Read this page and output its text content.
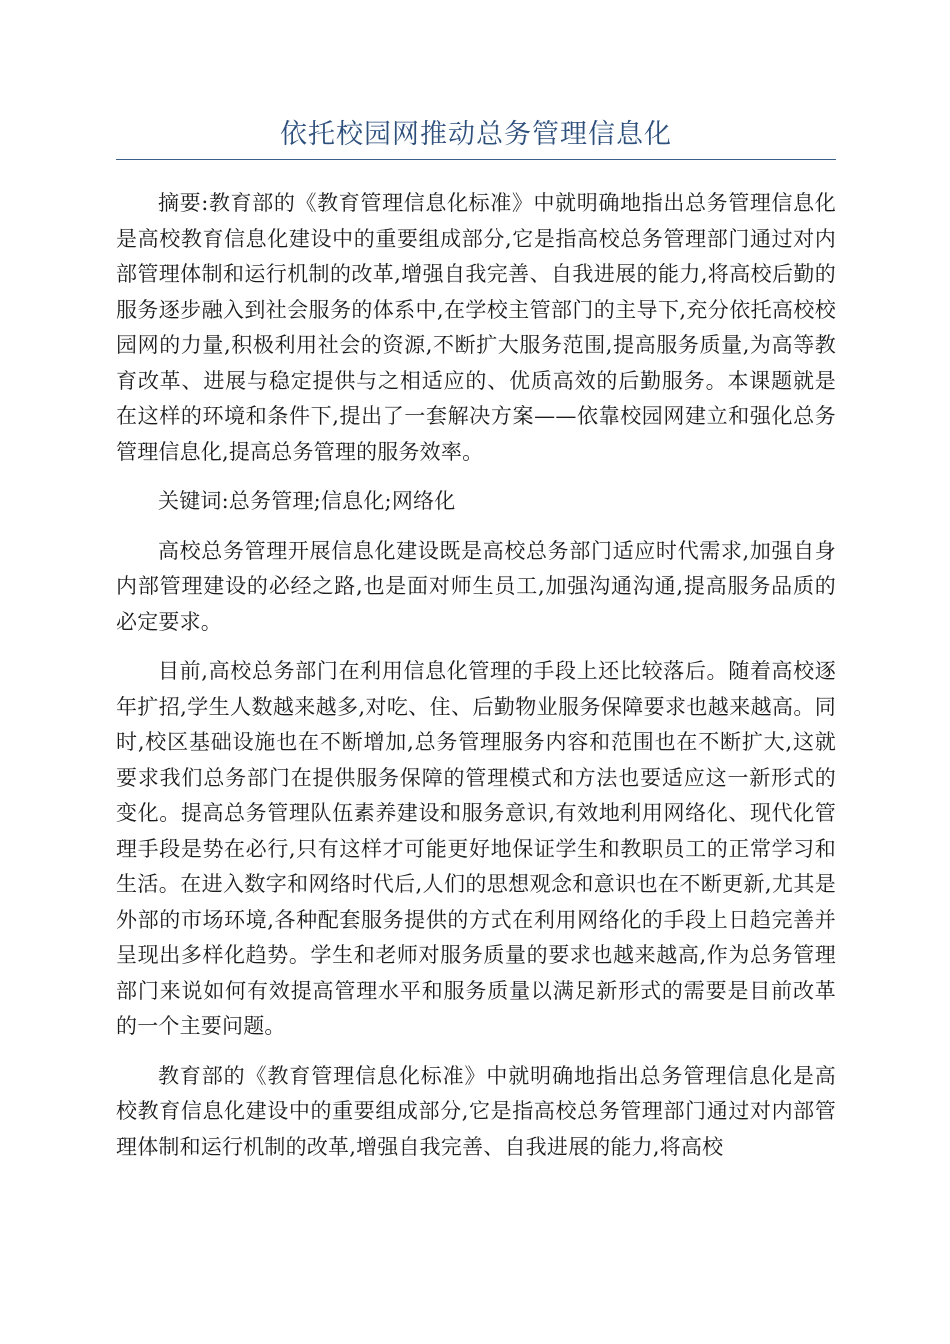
依托校园网推动总务管理信息化

摘要:教育部的《教育管理信息化标准》中就明确地指出总务管理信息化是高校教育信息化建设中的重要组成部分,它是指高校总务管理部门通过对内部管理体制和运行机制的改革,增强自我完善、自我进展的能力,将高校后勤的服务逐步融入到社会服务的体系中,在学校主管部门的主导下,充分依托高校校园网的力量,积极利用社会的资源,不断扩大服务范围,提高服务质量,为高等教育改革、进展与稳定提供与之相适应的、优质高效的后勤服务。本课题就是在这样的环境和条件下,提出了一套解决方案——依靠校园网建立和强化总务管理信息化,提高总务管理的服务效率。

关键词:总务管理;信息化;网络化

高校总务管理开展信息化建设既是高校总务部门适应时代需求,加强自身内部管理建设的必经之路,也是面对师生员工,加强沟通沟通,提高服务品质的必定要求。

目前,高校总务部门在利用信息化管理的手段上还比较落后。随着高校逐年扩招,学生人数越来越多,对吃、住、后勤物业服务保障要求也越来越高。同时,校区基础设施也在不断增加,总务管理服务内容和范围也在不断扩大,这就要求我们总务部门在提供服务保障的管理模式和方法也要适应这一新形式的变化。提高总务管理队伍素养建设和服务意识,有效地利用网络化、现代化管理手段是势在必行,只有这样才可能更好地保证学生和教职员工的正常学习和生活。在进入数字和网络时代后,人们的思想观念和意识也在不断更新,尤其是外部的市场环境,各种配套服务提供的方式在利用网络化的手段上日趋完善并呈现出多样化趋势。学生和老师对服务质量的要求也越来越高,作为总务管理部门来说如何有效提高管理水平和服务质量以满足新形式的需要是目前改革的一个主要问题。

教育部的《教育管理信息化标准》中就明确地指出总务管理信息化是高校教育信息化建设中的重要组成部分,它是指高校总务管理部门通过对内部管理体制和运行机制的改革,增强自我完善、自我进展的能力,将高校
